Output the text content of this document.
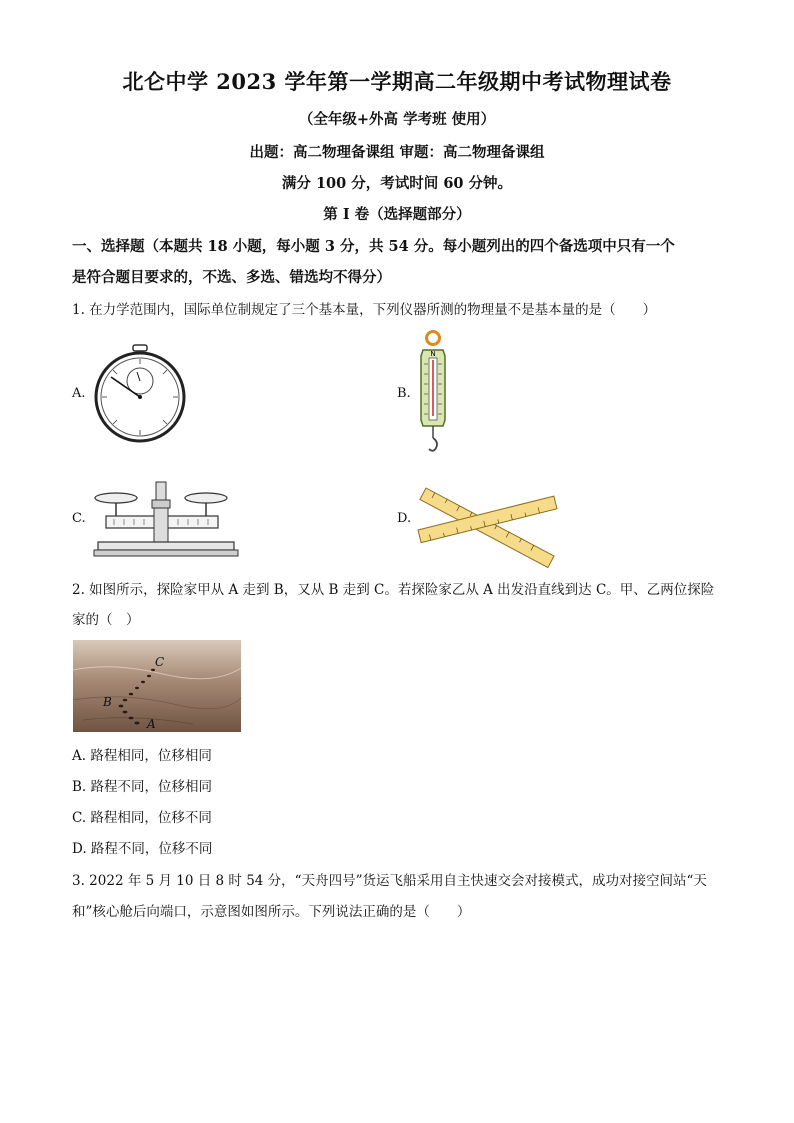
北仑中学 2023 学年第一学期高二年级期中考试物理试卷
（全年级+外高 学考班 使用）
出题：高二物理备课组 审题：高二物理备课组
满分 100 分，考试时间 60 分钟。
第 I 卷（选择题部分）
一、选择题（本题共 18 小题，每小题 3 分，共 54 分。每小题列出的四个备选项中只有一个
是符合题目要求的，不选、多选、错选均不得分）
1. 在力学范围内，国际单位制规定了三个基本量，下列仪器所测的物理量不是基本量的是（　　）
A.	B.
N
C.	D.
2. 如图所示，探险家甲从 A 走到 B，又从 B 走到 C。若探险家乙从 A 出发沿直线到达 C。甲、乙两位探险
家的（　）
C
B
A
A. 路程相同，位移相同
B. 路程不同，位移相同
C. 路程相同，位移不同
D. 路程不同，位移不同
3. 2022 年 5 月 10 日 8 时 54 分，“天舟四号”货运飞船采用自主快速交会对接模式，成功对接空间站“天
和”核心舱后向端口，示意图如图所示。下列说法正确的是（　　）
